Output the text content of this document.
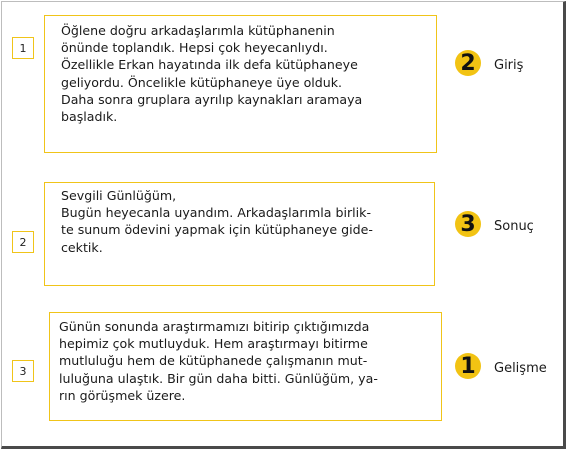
1

Öğlene doğru arkadaşlarımla kütüphanenin

önünde toplandık. Hepsi çok heyecanlıydı.

Özellikle Erkan hayatında ilk defa kütüphaneye

geliyordu. Öncelikle kütüphaneye üye olduk.

Daha sonra gruplara ayrılıp kaynakları aramaya

başladık.

2 Giriş
2

Sevgili Günlüğüm,

Bugün heyecanla uyandım. Arkadaşlarımla birlik-

te sunum ödevini yapmak için kütüphaneye gide-

cektik.

3 Sonuç
3

Günün sonunda araştırmamızı bitirip çıktığımızda

hepimiz çok mutluyduk. Hem araştırmayı bitirme

mutluluğu hem de kütüphanede çalışmanın mut-

luluğuna ulaştık. Bir gün daha bitti. Günlüğüm, ya-

rın görüşmek üzere.

1 Gelişme
